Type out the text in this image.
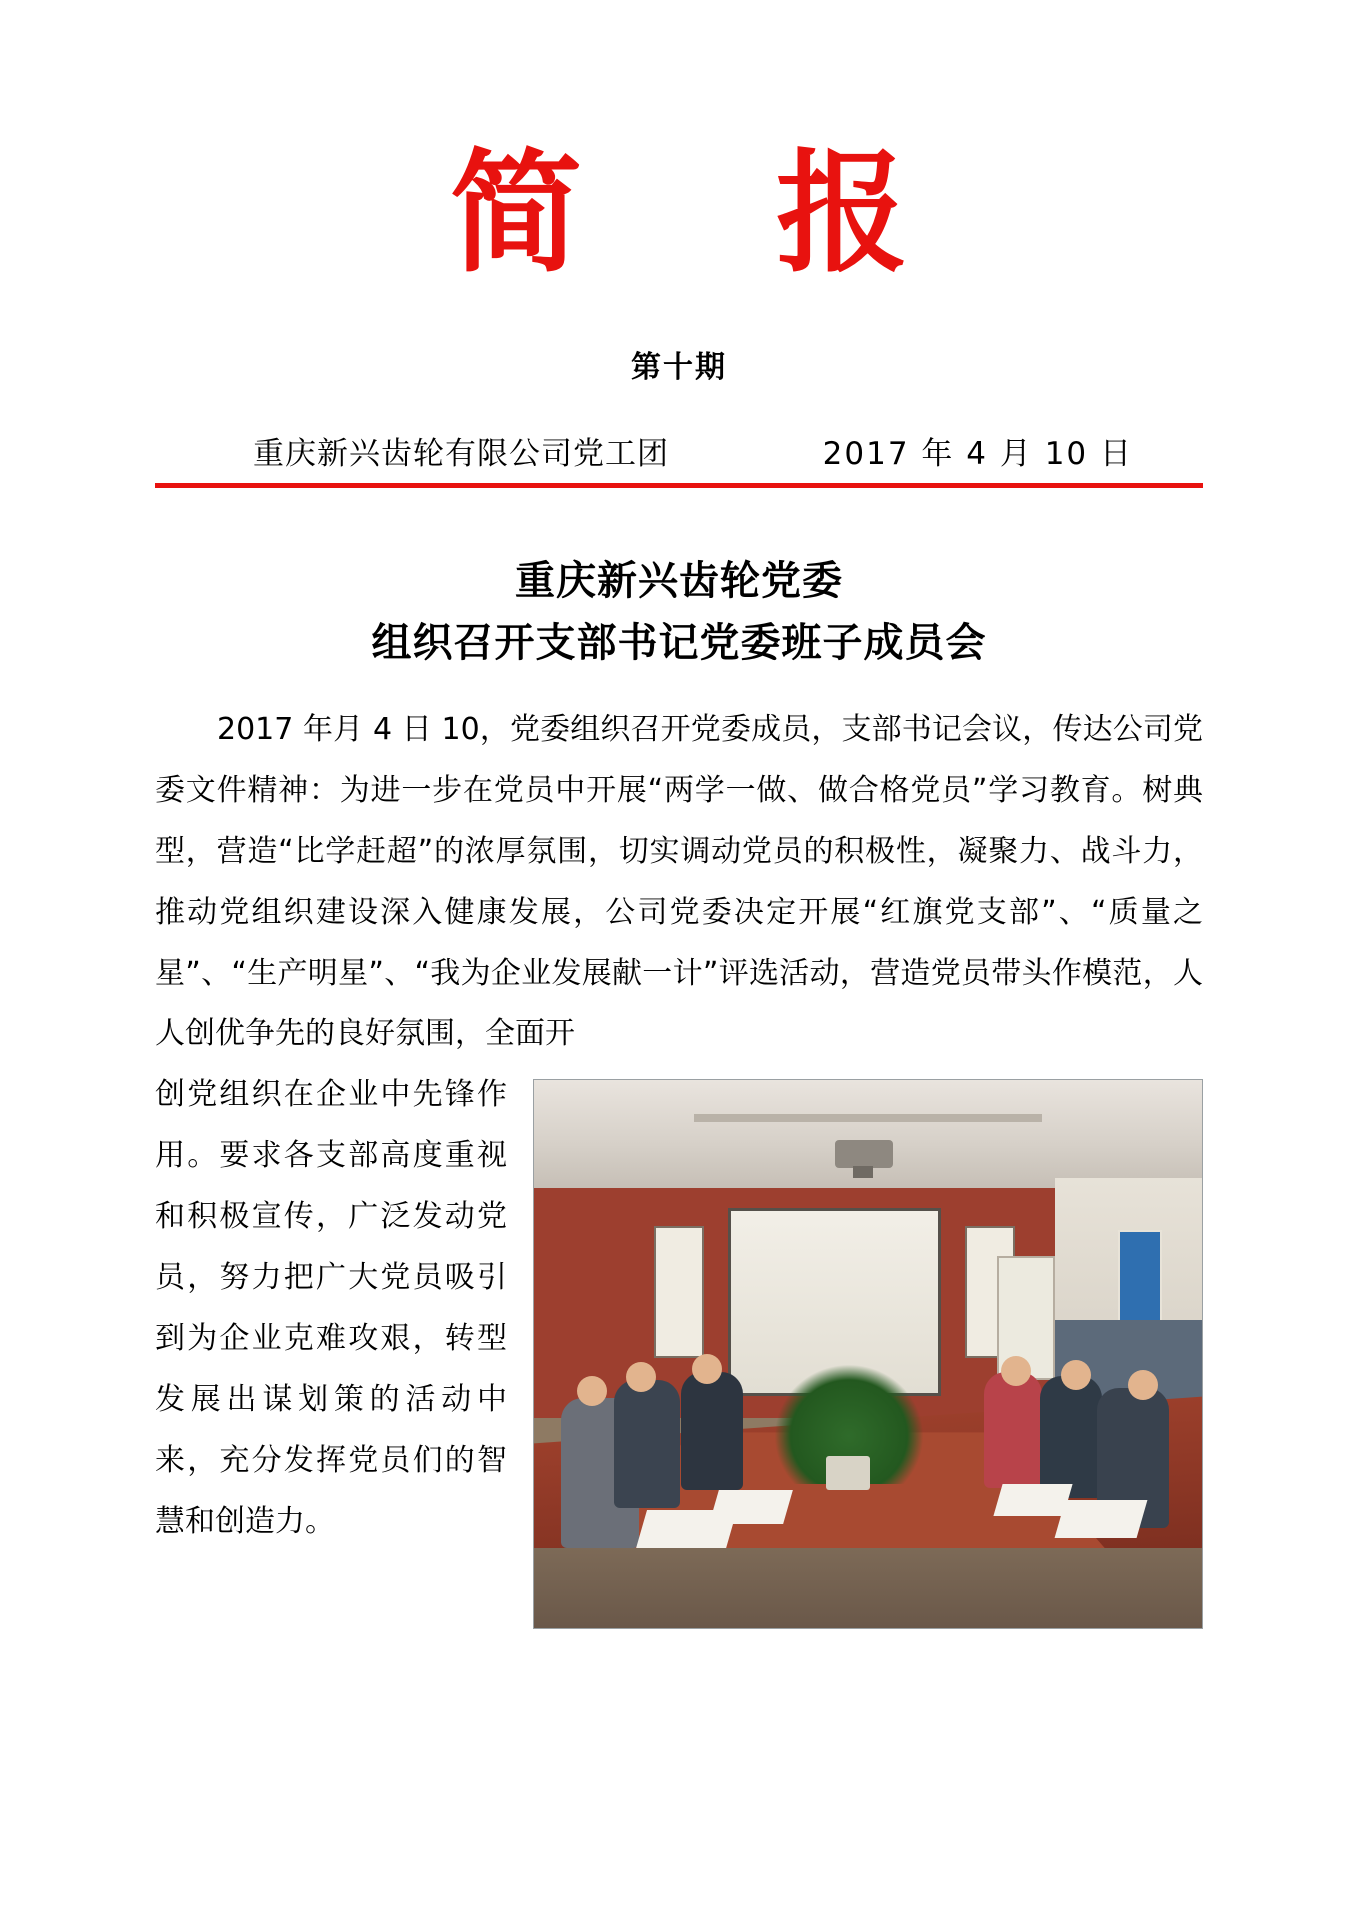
简 报
第十期
重庆新兴齿轮有限公司党工团	2017 年 4 月 10 日
重庆新兴齿轮党委
组织召开支部书记党委班子成员会
2017 年月 4 日 10，党委组织召开党委成员，支部书记会议，传达公司党委文件精神：为进一步在党员中开展“两学一做、做合格党员”学习教育。树典型，营造“比学赶超”的浓厚氛围，切实调动党员的积极性，凝聚力、战斗力，推动党组织建设深入健康发展，公司党委决定开展“红旗党支部”、“质量之星”、“生产明星”、“我为企业发展献一计”评选活动，营造党员带头作模范，人人创优争先的良好氛围，全面开
创党组织在企业中先锋作用。要求各支部高度重视和积极宣传，广泛发动党员，努力把广大党员吸引到为企业克难攻艰，转型发展出谋划策的活动中来，充分发挥党员们的智慧和创造力。
